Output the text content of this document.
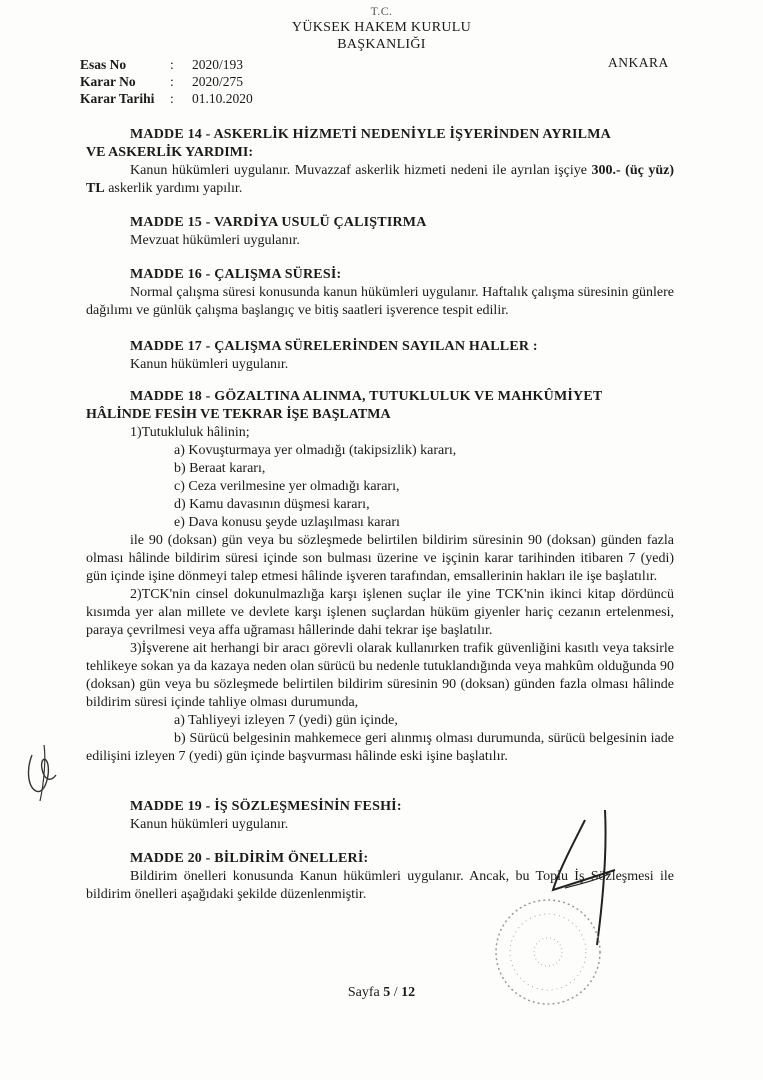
T.C.
YÜKSEK HAKEM KURULU
BAŞKANLIĞI
Esas No	:	2020/193
Karar No	:	2020/275
Karar Tarihi	:	01.10.2020
ANKARA
MADDE 14 - ASKERLİK HİZMETİ NEDENİYLE İŞYERİNDEN AYRILMA
VE ASKERLİK YARDIMI:
Kanun hükümleri uygulanır. Muvazzaf askerlik hizmeti nedeni ile ayrılan işçiye 300.- (üç yüz) TL askerlik yardımı yapılır.
MADDE 15 - VARDİYA USULÜ ÇALIŞTIRMA
Mevzuat hükümleri uygulanır.
MADDE 16 - ÇALIŞMA SÜRESİ:
Normal çalışma süresi konusunda kanun hükümleri uygulanır. Haftalık çalışma süresinin günlere dağılımı ve günlük çalışma başlangıç ve bitiş saatleri işverence tespit edilir.
MADDE 17 - ÇALIŞMA SÜRELERİNDEN SAYILAN HALLER :
Kanun hükümleri uygulanır.
MADDE 18 - GÖZALTINA ALINMA, TUTUKLULUK VE MAHKÛMİYET
HÂLİNDE FESİH VE TEKRAR İŞE BAŞLATMA
1)Tutukluluk hâlinin;
a) Kovuşturmaya yer olmadığı (takipsizlik) kararı,
b) Beraat kararı,
c) Ceza verilmesine yer olmadığı kararı,
d) Kamu davasının düşmesi kararı,
e) Dava konusu şeyde uzlaşılması kararı
ile 90 (doksan) gün veya bu sözleşmede belirtilen bildirim süresinin 90 (doksan) günden fazla olması hâlinde bildirim süresi içinde son bulması üzerine ve işçinin karar tarihinden itibaren 7 (yedi) gün içinde işine dönmeyi talep etmesi hâlinde işveren tarafından, emsallerinin hakları ile işe başlatılır.
2)TCK'nin cinsel dokunulmazlığa karşı işlenen suçlar ile yine TCK'nin ikinci kitap dördüncü kısımda yer alan millete ve devlete karşı işlenen suçlardan hüküm giyenler hariç cezanın ertelenmesi, paraya çevrilmesi veya affa uğraması hâllerinde dahi tekrar işe başlatılır.
3)İşverene ait herhangi bir aracı görevli olarak kullanırken trafik güvenliğini kasıtlı veya taksirle tehlikeye sokan ya da kazaya neden olan sürücü bu nedenle tutuklandığında veya mahkûm olduğunda 90 (doksan) gün veya bu sözleşmede belirtilen bildirim süresinin 90 (doksan) günden fazla olması hâlinde bildirim süresi içinde tahliye olması durumunda,
a) Tahliyeyi izleyen 7 (yedi) gün içinde,
b) Sürücü belgesinin mahkemece geri alınmış olması durumunda, sürücü belgesinin iade edilişini izleyen 7 (yedi) gün içinde başvurması hâlinde eski işine başlatılır.
MADDE 19 - İŞ SÖZLEŞMESİNİN FESHİ:
Kanun hükümleri uygulanır.
MADDE 20 - BİLDİRİM ÖNELLERİ:
Bildirim önelleri konusunda Kanun hükümleri uygulanır. Ancak, bu Toplu İş Sözleşmesi ile bildirim önelleri aşağıdaki şekilde düzenlenmiştir.
Sayfa 5 / 12
